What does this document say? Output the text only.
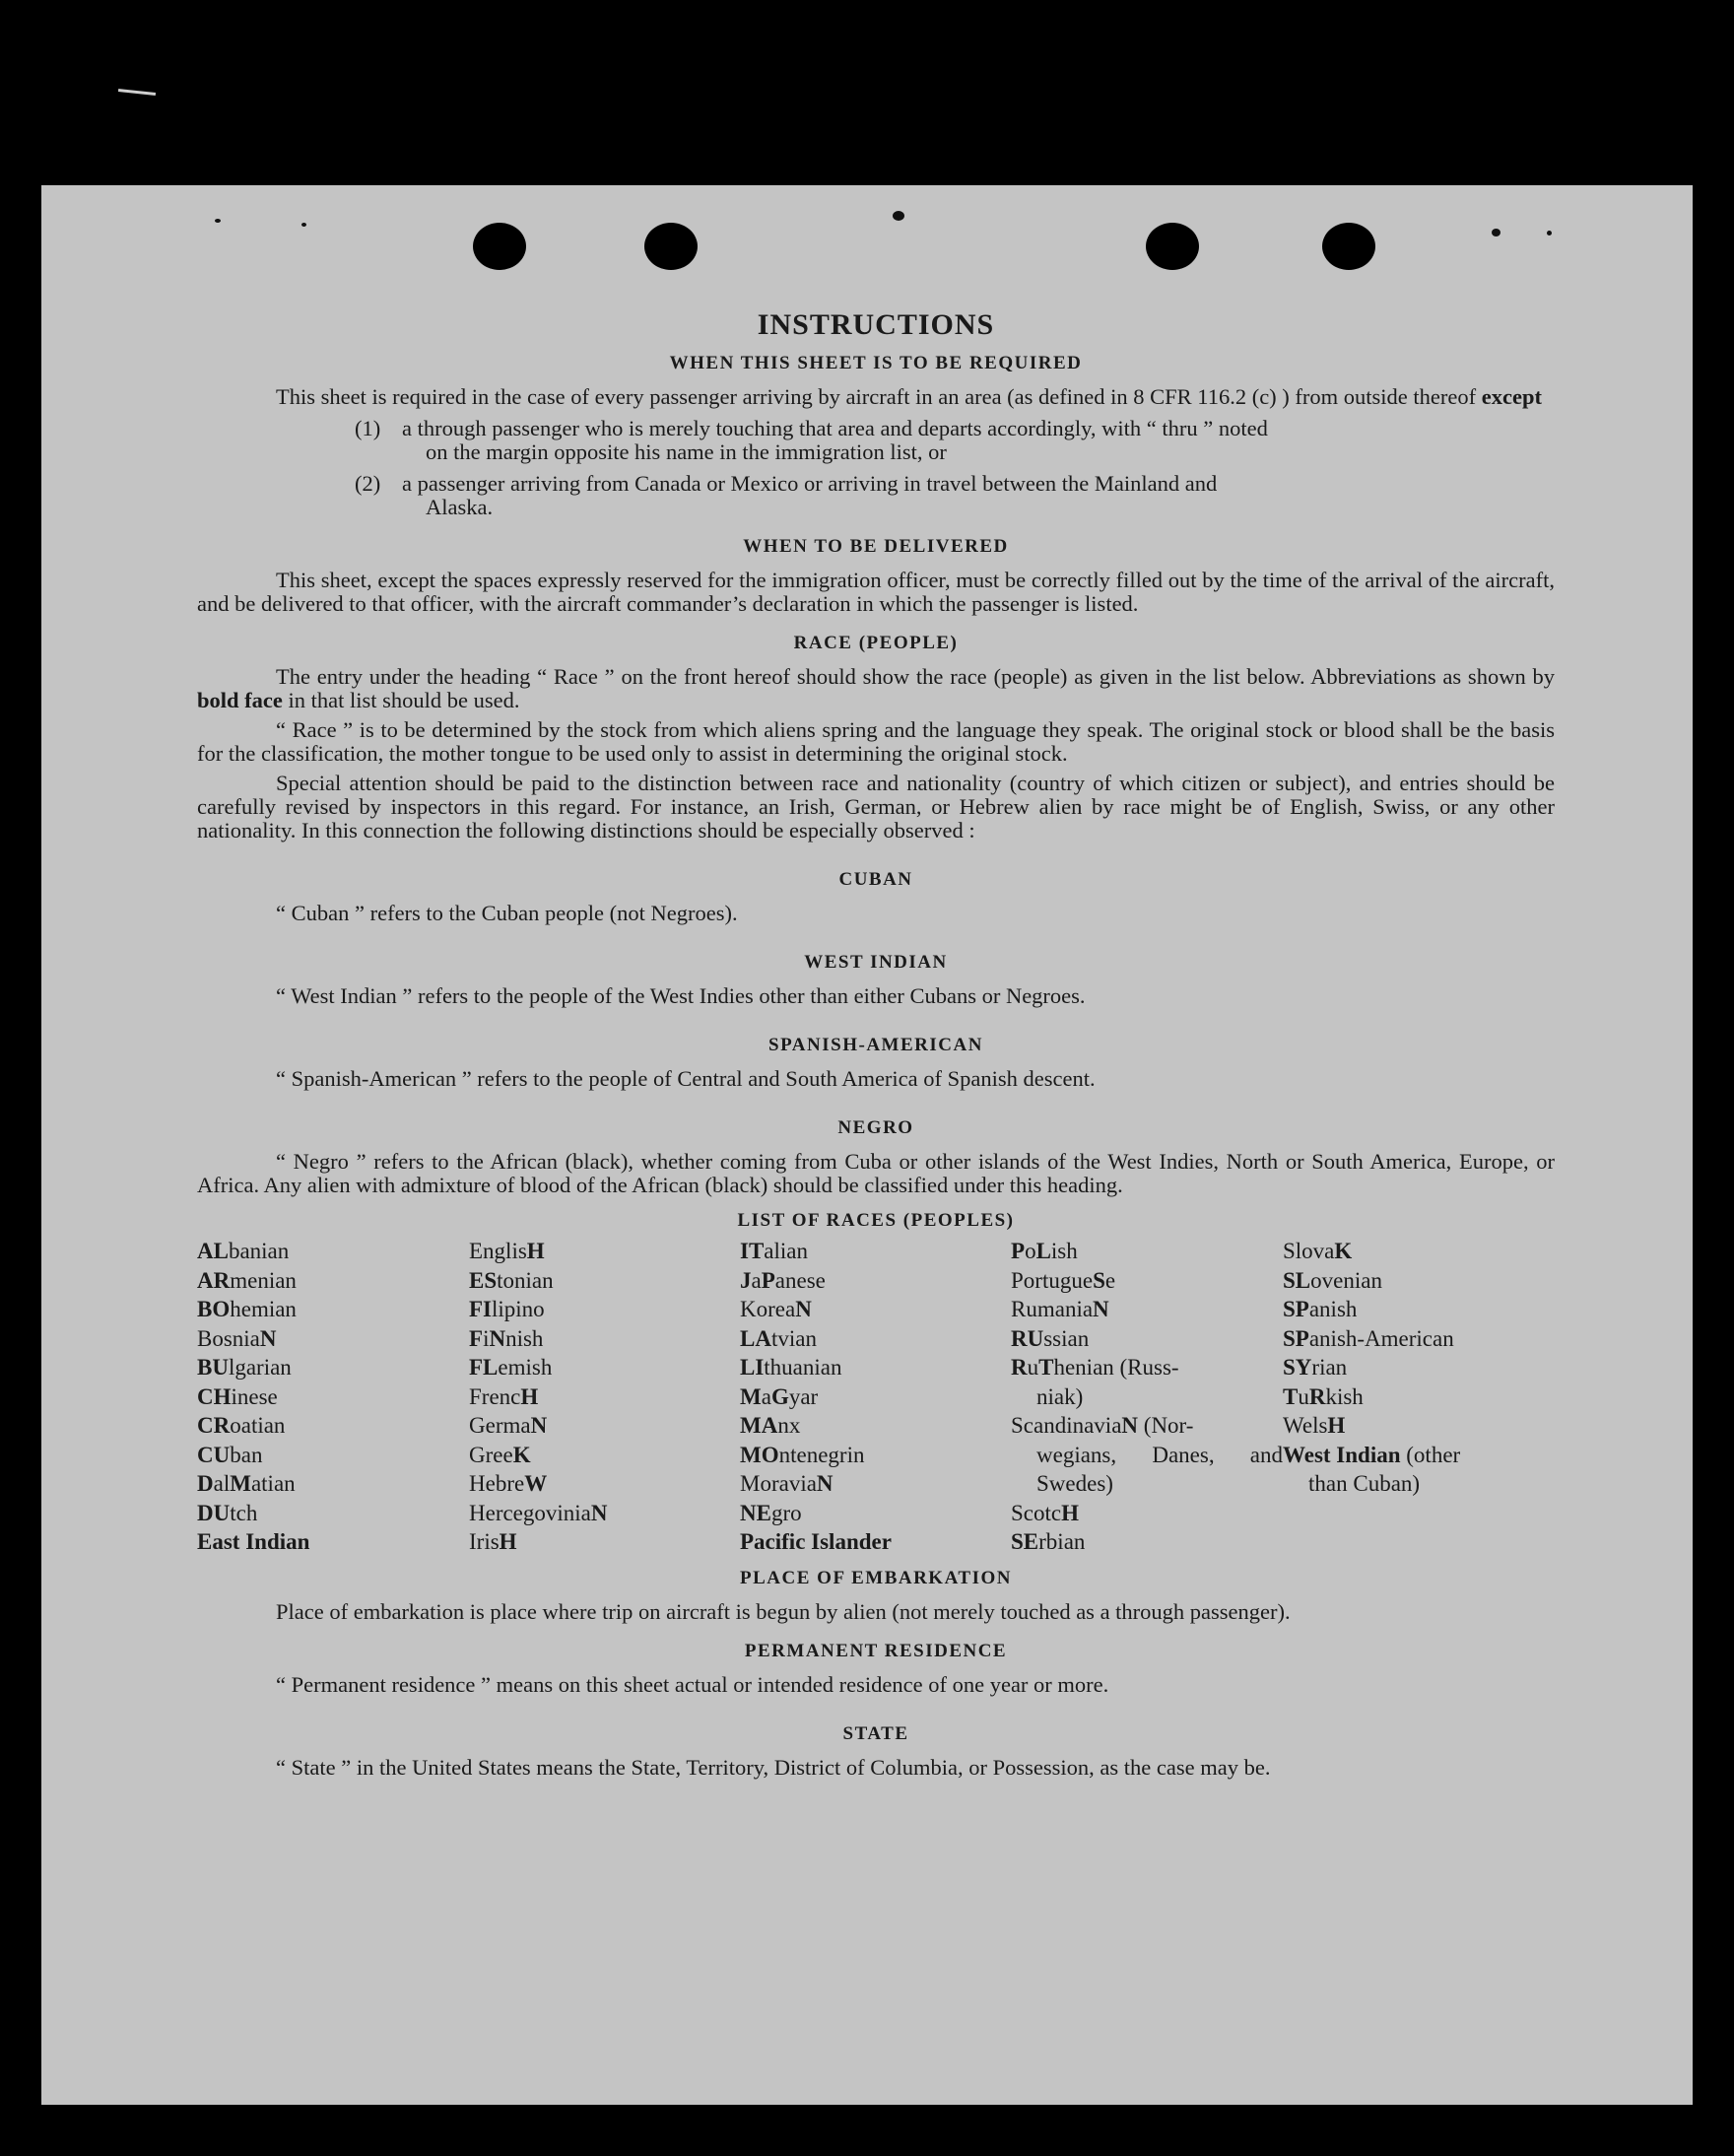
INSTRUCTIONS
WHEN THIS SHEET IS TO BE REQUIRED

This sheet is required in the case of every passenger arriving by aircraft in an area (as defined in 8 CFR 116.2 (c) ) from outside thereof except

(1) a through passenger who is merely touching that area and departs accordingly, with “ thru ” noted
on the margin opposite his name in the immigration list, or
(2) a passenger arriving from Canada or Mexico or arriving in travel between the Mainland and
Alaska.
WHEN TO BE DELIVERED

This sheet, except the spaces expressly reserved for the immigration officer, must be correctly filled out by the time of the arrival of the aircraft, and be delivered to that officer, with the aircraft commander’s declaration in which the passenger is listed.

RACE (PEOPLE)

The entry under the heading “ Race ” on the front hereof should show the race (people) as given in the list below. Abbreviations as shown by bold face in that list should be used.

“ Race ” is to be determined by the stock from which aliens spring and the language they speak. The original stock or blood shall be the basis for the classification, the mother tongue to be used only to assist in determining the original stock.

Special attention should be paid to the distinction between race and nationality (country of which citizen or subject), and entries should be carefully revised by inspectors in this regard. For instance, an Irish, German, or Hebrew alien by race might be of English, Swiss, or any other nationality. In this connection the following distinctions should be especially observed :

CUBAN

“ Cuban ” refers to the Cuban people (not Negroes).

WEST INDIAN

“ West Indian ” refers to the people of the West Indies other than either Cubans or Negroes.

SPANISH-AMERICAN

“ Spanish-American ” refers to the people of Central and South America of Spanish descent.

NEGRO

“ Negro ” refers to the African (black), whether coming from Cuba or other islands of the West Indies, North or South America, Europe, or Africa. Any alien with admixture of blood of the African (black) should be classified under this heading.

LIST OF RACES (PEOPLES)
ALbanian
ARmenian
BOhemian
BosniaN
BUlgarian
CHinese
CRoatian
CUban
DalMatian
DUtch
East Indian
EnglisH
EStonian
FIlipino
FiNnish
FLemish
FrencH
GermaN
GreeK
HebreW
HercegoviniaN
IrisH
ITalian
JaPanese
KoreaN
LAtvian
LIthuanian
MaGyar
MAnx
MOntenegrin
MoraviaN
NEgro
Pacific Islander
PoLish
PortugueSe
RumaniaN
RUssian
RuThenian (Russ-
niak)
ScandinaviaN (Nor-
wegians, Danes, and Swedes)
ScotcH
SErbian
SlovaK
SLovenian
SPanish
SPanish-American
SYrian
TuRkish
WelsH
West Indian (other
than Cuban)
PLACE OF EMBARKATION

Place of embarkation is place where trip on aircraft is begun by alien (not merely touched as a through passenger).

PERMANENT RESIDENCE

“ Permanent residence ” means on this sheet actual or intended residence of one year or more.

STATE

“ State ” in the United States means the State, Territory, District of Columbia, or Possession, as the case may be.
